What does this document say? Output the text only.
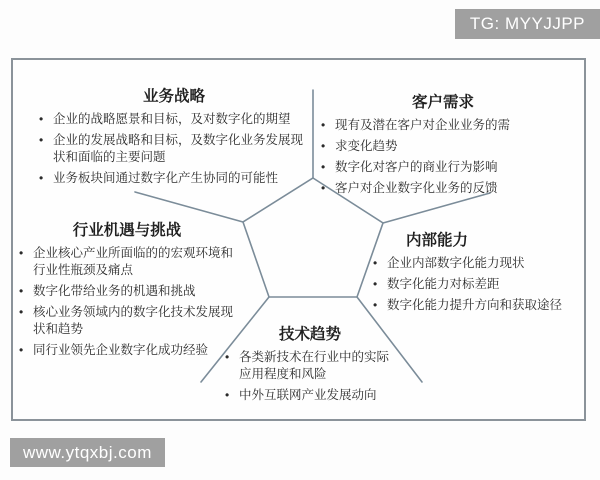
TG: MYYJJPP
业务战略
• 企业的战略愿景和目标，及对数字化的期望
• 企业的发展战略和目标，及数字化业务发展现状和面临的主要问题
• 业务板块间通过数字化产生协同的可能性
客户需求
• 现有及潜在客户对企业业务的需
• 求变化趋势
• 数字化对客户的商业行为影响
• 客户对企业数字化业务的反馈
行业机遇与挑战
• 企业核心产业所面临的的宏观环境和行业性瓶颈及痛点
• 数字化带给业务的机遇和挑战
• 核心业务领域内的数字化技术发展现状和趋势
• 同行业领先企业数字化成功经验
内部能力
• 企业内部数字化能力现状
• 数字化能力对标差距
• 数字化能力提升方向和获取途径
技术趋势
• 各类新技术在行业中的实际应用程度和风险
• 中外互联网产业发展动向
www.ytqxbj.com
